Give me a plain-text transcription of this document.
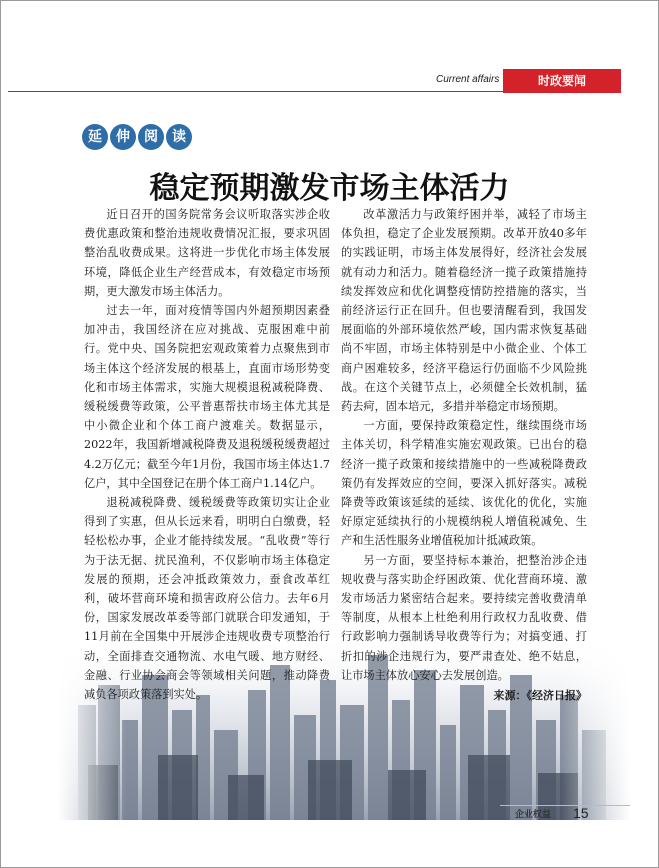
Current affairs	时政要闻
延	伸	阅	读
稳定预期激发市场主体活力

近日召开的国务院常务会议听取落实涉企收费优惠政策和整治违规收费情况汇报，要求巩固整治乱收费成果。这将进一步优化市场主体发展环境，降低企业生产经营成本，有效稳定市场预期，更大激发市场主体活力。

过去一年，面对疫情等国内外超预期因素叠加冲击，我国经济在应对挑战、克服困难中前行。党中央、国务院把宏观政策着力点聚焦到市场主体这个经济发展的根基上，直面市场形势变化和市场主体需求，实施大规模退税减税降费、缓税缓费等政策，公平普惠帮扶市场主体尤其是中小微企业和个体工商户渡难关。数据显示，2022年，我国新增减税降费及退税缓税缓费超过4.2万亿元；截至今年1月份，我国市场主体达1.7亿户，其中全国登记在册个体工商户1.14亿户。

退税减税降费、缓税缓费等政策切实让企业得到了实惠，但从长远来看，明明白白缴费，轻轻松松办事，企业才能持续发展。“乱收费”等行为于法无据、扰民渔利，不仅影响市场主体稳定发展的预期，还会冲抵政策效力，蚕食改革红利，破坏营商环境和损害政府公信力。去年6月份，国家发展改革委等部门就联合印发通知，于11月前在全国集中开展涉企违规收费专项整治行动，全面排查交通物流、水电气暖、地方财经、金融、行业协会商会等领域相关问题，推动降费减负各项政策落到实处。

改革激活力与政策纾困并举，减轻了市场主体负担，稳定了企业发展预期。改革开放40多年的实践证明，市场主体发展得好，经济社会发展就有动力和活力。随着稳经济一揽子政策措施持续发挥效应和优化调整疫情防控措施的落实，当前经济运行正在回升。但也要清醒看到，我国发展面临的外部环境依然严峻，国内需求恢复基础尚不牢固，市场主体特别是中小微企业、个体工商户困难较多，经济平稳运行仍面临不少风险挑战。在这个关键节点上，必须健全长效机制，猛药去疴，固本培元，多措并举稳定市场预期。

一方面，要保持政策稳定性，继续围绕市场主体关切，科学精准实施宏观政策。已出台的稳经济一揽子政策和接续措施中的一些减税降费政策仍有发挥效应的空间，要深入抓好落实。减税降费等政策该延续的延续、该优化的优化，实施好原定延续执行的小规模纳税人增值税减免、生产和生活性服务业增值税加计抵减政策。

另一方面，要坚持标本兼治，把整治涉企违规收费与落实助企纾困政策、优化营商环境、激发市场活力紧密结合起来。要持续完善收费清单等制度，从根本上杜绝利用行政权力乱收费、借行政影响力强制诱导收费等行为；对搞变通、打折扣的涉企违规行为，要严肃查处、绝不姑息，让市场主体放心安心去发展创造。

来源：《经济日报》
企业权益 15
